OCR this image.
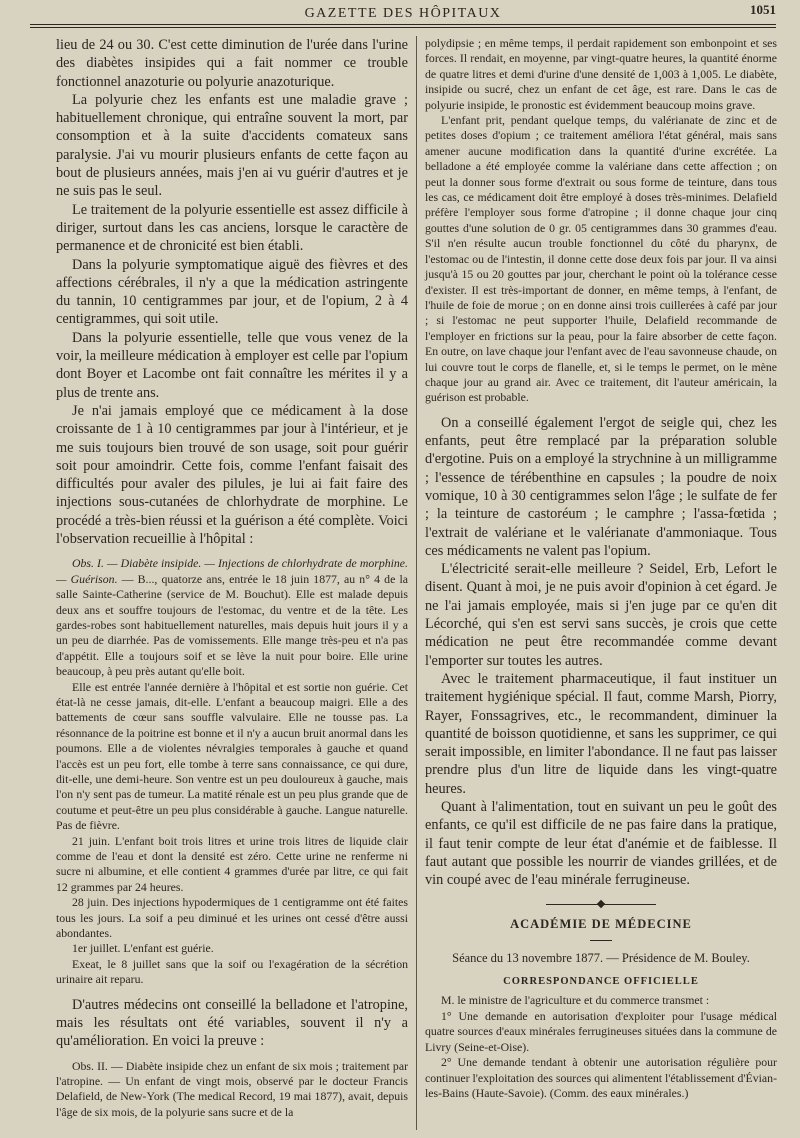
GAZETTE DES HÔPITAUX	1051

lieu de 24 ou 30. C'est cette diminution de l'urée dans l'urine des diabètes insipides qui a fait nommer ce trouble fonctionnel anazoturie ou polyurie anazoturique.

La polyurie chez les enfants est une maladie grave ; habituellement chronique, qui entraîne souvent la mort, par consomption et à la suite d'accidents comateux sans paralysie. J'ai vu mourir plusieurs enfants de cette façon au bout de plusieurs années, mais j'en ai vu guérir d'autres et je ne suis pas le seul.

Le traitement de la polyurie essentielle est assez difficile à diriger, surtout dans les cas anciens, lorsque le caractère de permanence et de chronicité est bien établi.

Dans la polyurie symptomatique aiguë des fièvres et des affections cérébrales, il n'y a que la médication astringente du tannin, 10 centigrammes par jour, et de l'opium, 2 à 4 centigrammes, qui soit utile.

Dans la polyurie essentielle, telle que vous venez de la voir, la meilleure médication à employer est celle par l'opium dont Boyer et Lacombe ont fait connaître les mérites il y a plus de trente ans.

Je n'ai jamais employé que ce médicament à la dose croissante de 1 à 10 centigrammes par jour à l'intérieur, et je me suis toujours bien trouvé de son usage, soit pour guérir soit pour amoindrir. Cette fois, comme l'enfant faisait des difficultés pour avaler des pilules, je lui ai fait faire des injections sous-cutanées de chlorhydrate de morphine. Le procédé a très-bien réussi et la guérison a été complète. Voici l'observation recueillie à l'hôpital :

Obs. I. — Diabète insipide. — Injections de chlorhydrate de morphine. — Guérison. — B..., quatorze ans, entrée le 18 juin 1877, au n° 4 de la salle Sainte-Catherine (service de M. Bouchut). Elle est malade depuis deux ans et souffre toujours de l'estomac, du ventre et de la tête. Les gardes-robes sont habituellement naturelles, mais depuis huit jours il y a un peu de diarrhée. Pas de vomissements. Elle mange très-peu et n'a pas d'appétit. Elle a toujours soif et se lève la nuit pour boire. Elle urine beaucoup, à peu près autant qu'elle boit.

Elle est entrée l'année dernière à l'hôpital et est sortie non guérie. Cet état-là ne cesse jamais, dit-elle. L'enfant a beaucoup maigri. Elle a des battements de cœur sans souffle valvulaire. Elle ne tousse pas. La résonnance de la poitrine est bonne et il n'y a aucun bruit anormal dans les poumons. Elle a de violentes névralgies temporales à gauche et quand l'accès est un peu fort, elle tombe à terre sans connaissance, ce qui dure, dit-elle, une demi-heure. Son ventre est un peu douloureux à gauche, mais l'on n'y sent pas de tumeur. La matité rénale est un peu plus grande que de coutume et peut-être un peu plus considérable à gauche. Langue naturelle. Pas de fièvre.

21 juin. L'enfant boit trois litres et urine trois litres de liquide clair comme de l'eau et dont la densité est zéro. Cette urine ne renferme ni sucre ni albumine, et elle contient 4 grammes d'urée par litre, ce qui fait 12 grammes par 24 heures.

28 juin. Des injections hypodermiques de 1 centigramme ont été faites tous les jours. La soif a peu diminué et les urines ont cessé d'être aussi abondantes.

1er juillet. L'enfant est guérie.

Exeat, le 8 juillet sans que la soif ou l'exagération de la sécrétion urinaire ait reparu.

D'autres médecins ont conseillé la belladone et l'atropine, mais les résultats ont été variables, souvent il n'y a qu'amélioration. En voici la preuve :

Obs. II. — Diabète insipide chez un enfant de six mois ; traitement par l'atropine. — Un enfant de vingt mois, observé par le docteur Francis Delafield, de New-York (The medical Record, 19 mai 1877), avait, depuis l'âge de six mois, de la polyurie sans sucre et de la

polydipsie ; en même temps, il perdait rapidement son embonpoint et ses forces. Il rendait, en moyenne, par vingt-quatre heures, la quantité énorme de quatre litres et demi d'urine d'une densité de 1,003 à 1,005. Le diabète, insipide ou sucré, chez un enfant de cet âge, est rare. Dans le cas de polyurie insipide, le pronostic est évidemment beaucoup moins grave.

L'enfant prit, pendant quelque temps, du valérianate de zinc et de petites doses d'opium ; ce traitement améliora l'état général, mais sans amener aucune modification dans la quantité d'urine excrétée. La belladone a été employée comme la valériane dans cette affection ; on peut la donner sous forme d'extrait ou sous forme de teinture, dans tous les cas, ce médicament doit être employé à doses très-minimes. Delafield préfère l'employer sous forme d'atropine ; il donne chaque jour cinq gouttes d'une solution de 0 gr. 05 centigrammes dans 30 grammes d'eau. S'il n'en résulte aucun trouble fonctionnel du côté du pharynx, de l'estomac ou de l'intestin, il donne cette dose deux fois par jour. Il va ainsi jusqu'à 15 ou 20 gouttes par jour, cherchant le point où la tolérance cesse d'exister. Il est très-important de donner, en même temps, à l'enfant, de l'huile de foie de morue ; on en donne ainsi trois cuillerées à café par jour ; si l'estomac ne peut supporter l'huile, Delafield recommande de l'employer en frictions sur la peau, pour la faire absorber de cette façon. En outre, on lave chaque jour l'enfant avec de l'eau savonneuse chaude, on lui couvre tout le corps de flanelle, et, si le temps le permet, on le mène chaque jour au grand air. Avec ce traitement, dit l'auteur américain, la guérison est probable.

On a conseillé également l'ergot de seigle qui, chez les enfants, peut être remplacé par la préparation soluble d'ergotine. Puis on a employé la strychnine à un milligramme ; l'essence de térébenthine en capsules ; la poudre de noix vomique, 10 à 30 centigrammes selon l'âge ; le sulfate de fer ; la teinture de castoréum ; le camphre ; l'assa-fœtida ; l'extrait de valériane et le valérianate d'ammoniaque. Tous ces médicaments ne valent pas l'opium.

L'électricité serait-elle meilleure ? Seidel, Erb, Lefort le disent. Quant à moi, je ne puis avoir d'opinion à cet égard. Je ne l'ai jamais employée, mais si j'en juge par ce qu'en dit Lécorché, qui s'en est servi sans succès, je crois que cette médication ne peut être recommandée comme devant l'emporter sur toutes les autres.

Avec le traitement pharmaceutique, il faut instituer un traitement hygiénique spécial. Il faut, comme Marsh, Piorry, Rayer, Fonssagrives, etc., le recommandent, diminuer la quantité de boisson quotidienne, et sans les supprimer, ce qui serait impossible, en limiter l'abondance. Il ne faut pas laisser prendre plus d'un litre de liquide dans les vingt-quatre heures.

Quant à l'alimentation, tout en suivant un peu le goût des enfants, ce qu'il est difficile de ne pas faire dans la pratique, il faut tenir compte de leur état d'anémie et de faiblesse. Il faut autant que possible les nourrir de viandes grillées, et de vin coupé avec de l'eau minérale ferrugineuse.

ACADÉMIE DE MÉDECINE
Séance du 13 novembre 1877. — Présidence de M. Bouley.
CORRESPONDANCE OFFICIELLE

M. le ministre de l'agriculture et du commerce transmet :

1° Une demande en autorisation d'exploiter pour l'usage médical quatre sources d'eaux minérales ferrugineuses situées dans la commune de Livry (Seine-et-Oise).

2° Une demande tendant à obtenir une autorisation régulière pour continuer l'exploitation des sources qui alimentent l'établissement d'Évian-les-Bains (Haute-Savoie). (Comm. des eaux minérales.)
